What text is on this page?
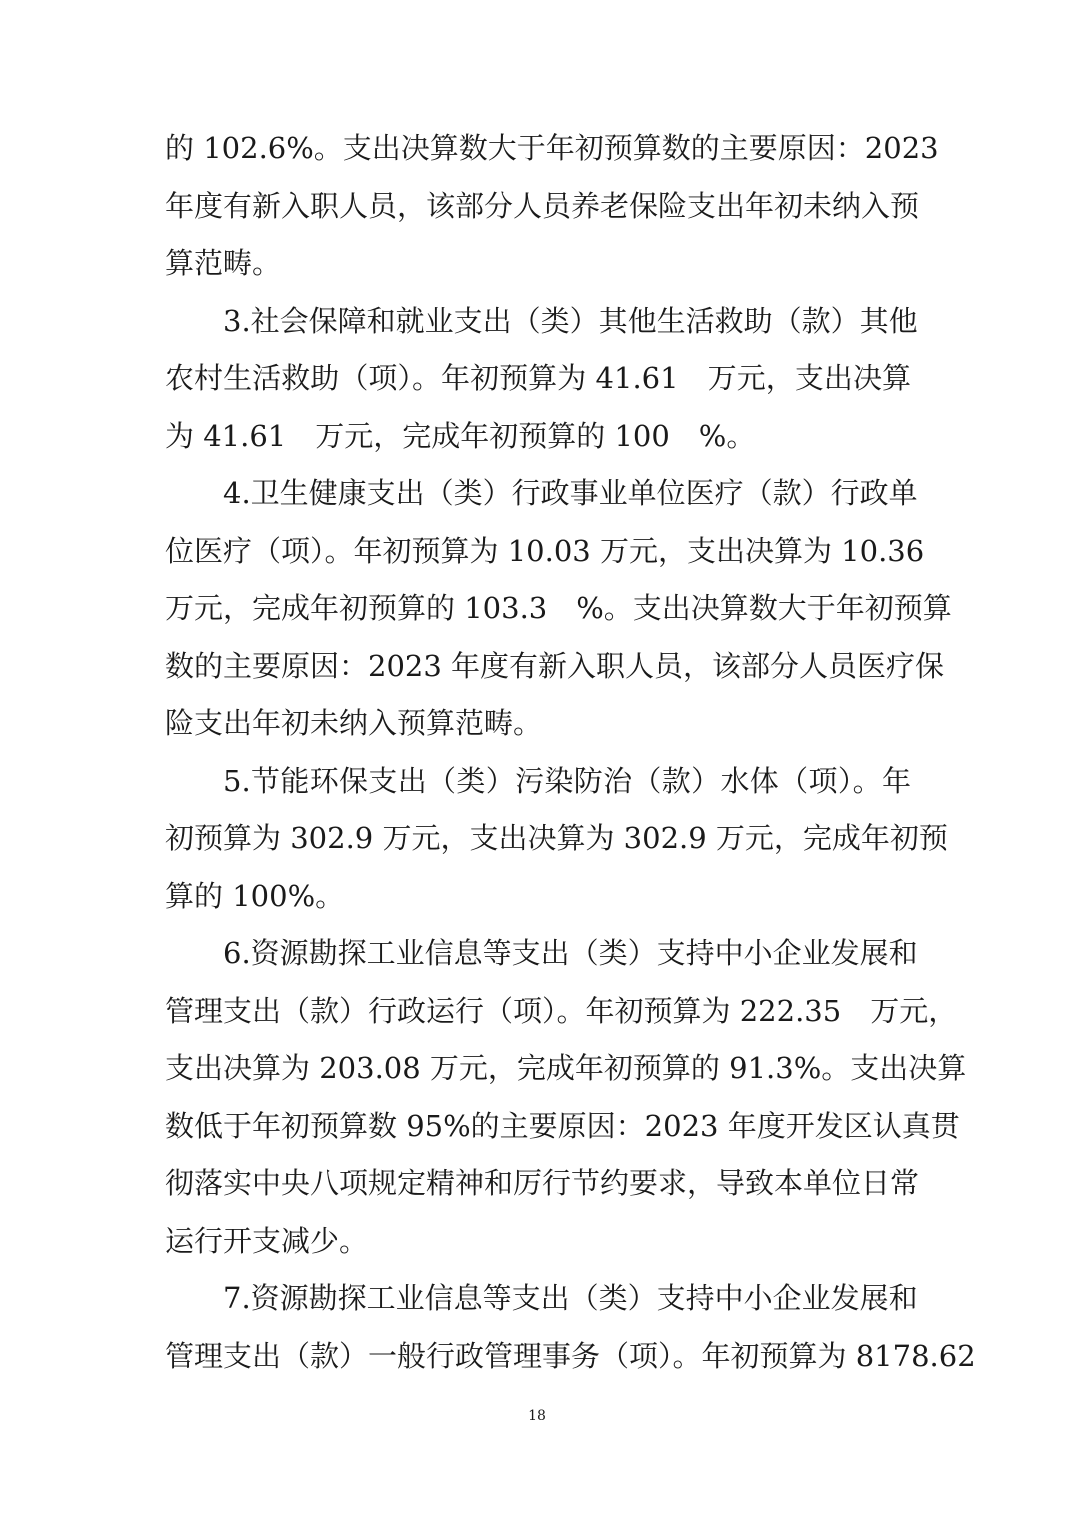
的 102.6%。支出决算数大于年初预算数的主要原因：2023
年度有新入职人员，该部分人员养老保险支出年初未纳入预
算范畴。
3.社会保障和就业支出（类）其他生活救助（款）其他
农村生活救助（项）。年初预算为 41.61　万元，支出决算
为 41.61　万元，完成年初预算的 100　%。
4.卫生健康支出（类）行政事业单位医疗（款）行政单
位医疗（项）。年初预算为 10.03 万元，支出决算为 10.36
万元，完成年初预算的 103.3　%。支出决算数大于年初预算
数的主要原因：2023 年度有新入职人员，该部分人员医疗保
险支出年初未纳入预算范畴。
5.节能环保支出（类）污染防治（款）水体（项）。年
初预算为 302.9 万元，支出决算为 302.9 万元，完成年初预
算的 100%。
6.资源勘探工业信息等支出（类）支持中小企业发展和
管理支出（款）行政运行（项）。年初预算为 222.35　万元，
支出决算为 203.08 万元，完成年初预算的 91.3%。支出决算
数低于年初预算数 95%的主要原因：2023 年度开发区认真贯
彻落实中央八项规定精神和厉行节约要求，导致本单位日常
运行开支减少。
7.资源勘探工业信息等支出（类）支持中小企业发展和
管理支出（款）一般行政管理事务（项）。年初预算为 8178.62
18
